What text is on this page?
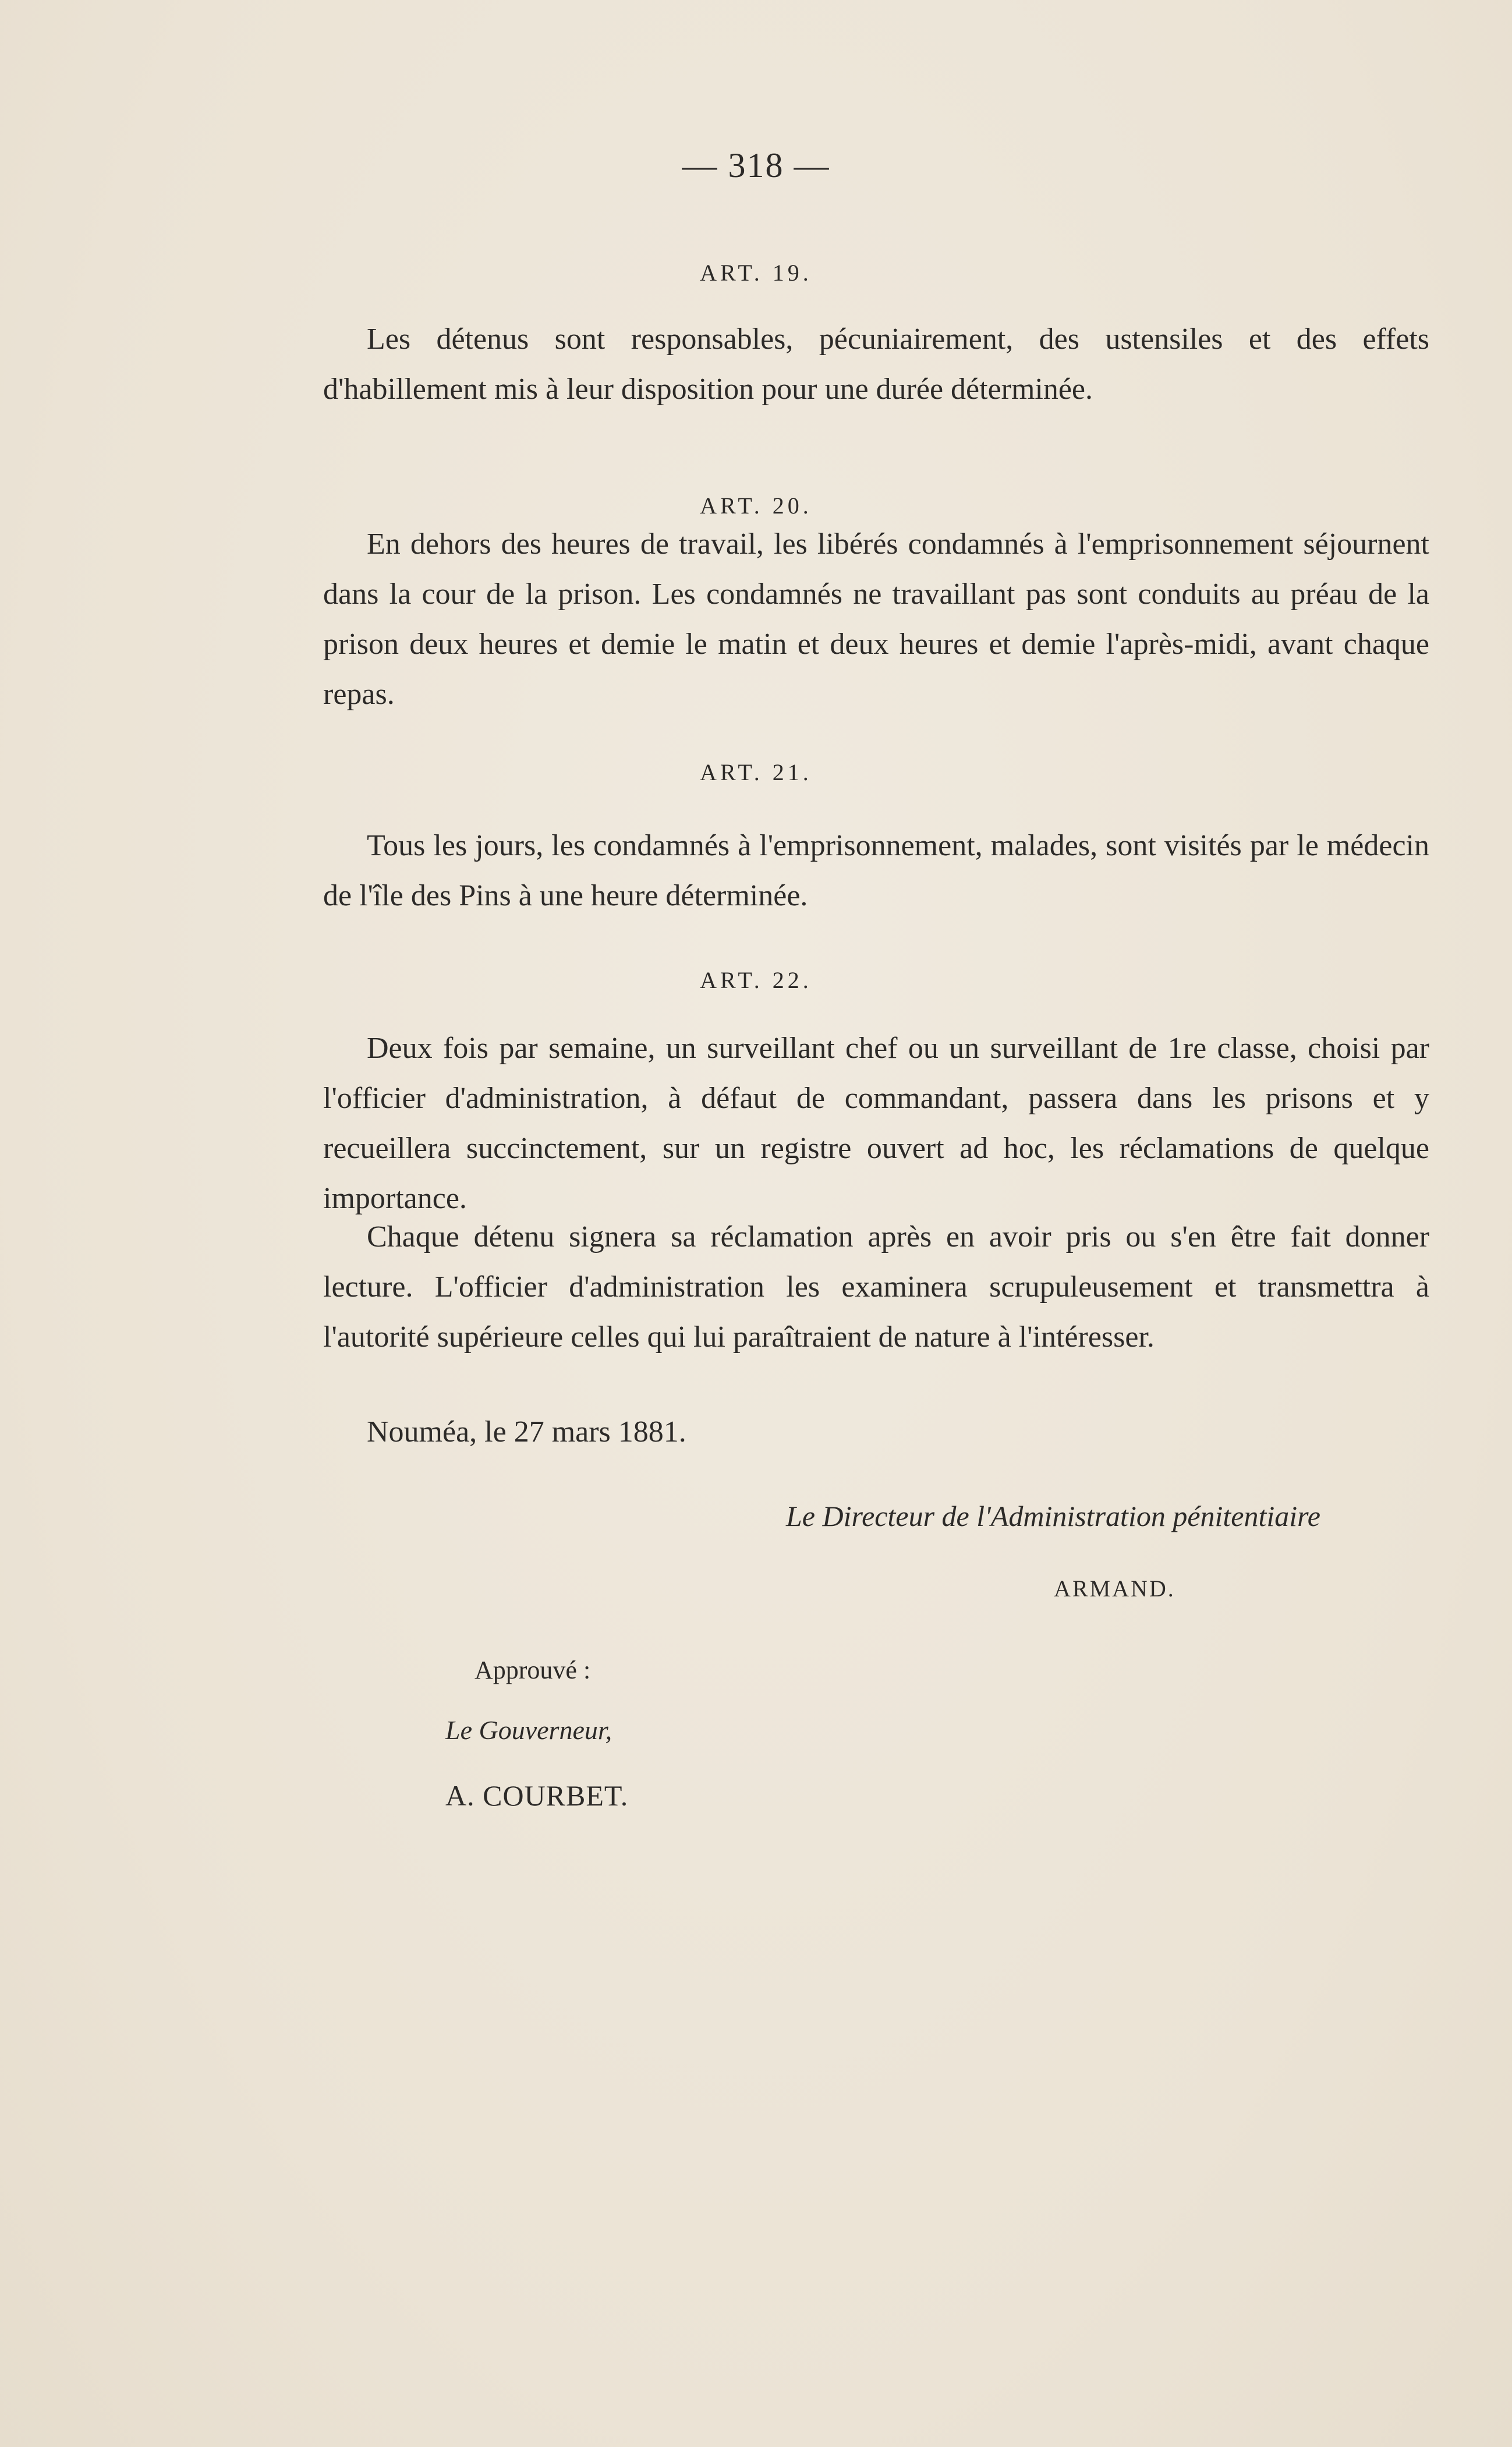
— 318 —
ART. 19.

Les détenus sont responsables, pécuniairement, des ustensiles et des effets d'habillement mis à leur disposition pour une durée déterminée.

ART. 20.

En dehors des heures de travail, les libérés condamnés à l'emprisonnement séjournent dans la cour de la prison. Les condamnés ne travaillant pas sont conduits au préau de la prison deux heures et demie le matin et deux heures et demie l'après-midi, avant chaque repas.

ART. 21.

Tous les jours, les condamnés à l'emprisonnement, malades, sont visités par le médecin de l'île des Pins à une heure déterminée.

ART. 22.

Deux fois par semaine, un surveillant chef ou un surveillant de 1re classe, choisi par l'officier d'administration, à défaut de commandant, passera dans les prisons et y recueillera succinctement, sur un registre ouvert ad hoc, les réclamations de quelque importance.

Chaque détenu signera sa réclamation après en avoir pris ou s'en être fait donner lecture. L'officier d'administration les examinera scrupuleusement et transmettra à l'autorité supérieure celles qui lui paraîtraient de nature à l'intéresser.

Nouméa, le 27 mars 1881.
Le Directeur de l'Administration pénitentiaire
ARMAND.
Approuvé :
Le Gouverneur,
A. COURBET.
